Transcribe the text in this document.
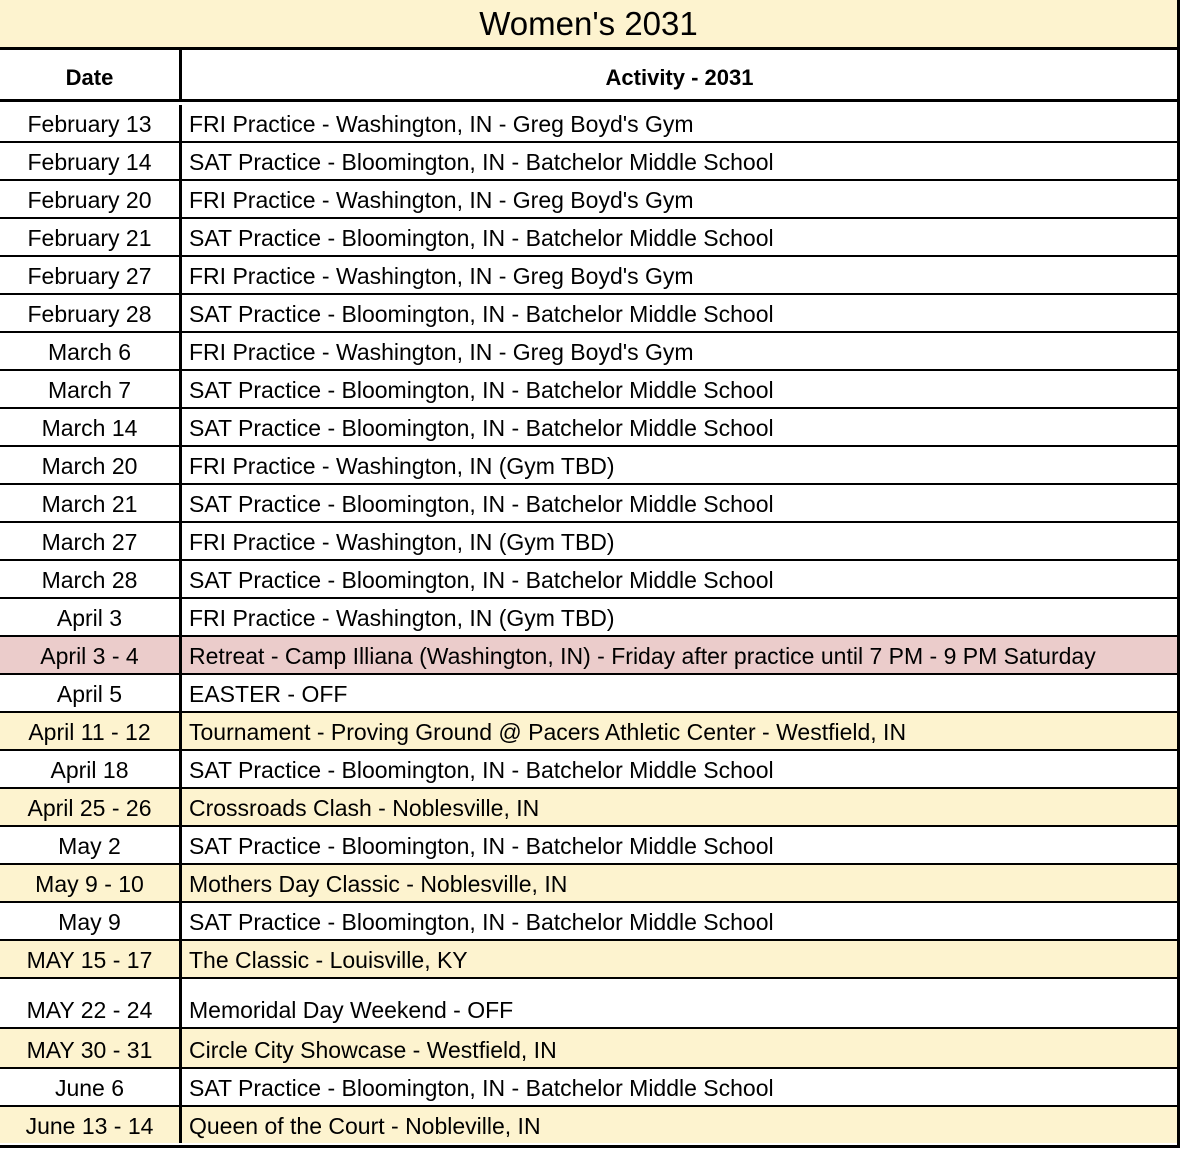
Women's 2031
Date	Activity - 2031
February 13	FRI Practice - Washington, IN - Greg Boyd's Gym
February 14	SAT Practice - Bloomington, IN - Batchelor Middle School
February 20	FRI Practice - Washington, IN - Greg Boyd's Gym
February 21	SAT Practice - Bloomington, IN - Batchelor Middle School
February 27	FRI Practice - Washington, IN - Greg Boyd's Gym
February 28	SAT Practice - Bloomington, IN - Batchelor Middle School
March 6	FRI Practice - Washington, IN - Greg Boyd's Gym
March 7	SAT Practice - Bloomington, IN - Batchelor Middle School
March 14	SAT Practice - Bloomington, IN - Batchelor Middle School
March 20	FRI Practice - Washington, IN (Gym TBD)
March 21	SAT Practice - Bloomington, IN - Batchelor Middle School
March 27	FRI Practice - Washington, IN (Gym TBD)
March 28	SAT Practice - Bloomington, IN - Batchelor Middle School
April 3	FRI Practice - Washington, IN (Gym TBD)
April 3 - 4	Retreat - Camp Illiana (Washington, IN) - Friday after practice until 7 PM - 9 PM Saturday
April 5	EASTER - OFF
April 11 - 12	Tournament - Proving Ground @ Pacers Athletic Center - Westfield, IN
April 18	SAT Practice - Bloomington, IN - Batchelor Middle School
April 25 - 26	Crossroads Clash - Noblesville, IN
May 2	SAT Practice - Bloomington, IN - Batchelor Middle School
May 9 - 10	Mothers Day Classic - Noblesville, IN
May 9	SAT Practice - Bloomington, IN - Batchelor Middle School
MAY 15 - 17	The Classic - Louisville, KY
MAY 22 - 24	Memoridal Day Weekend - OFF
MAY 30 - 31	Circle City Showcase - Westfield, IN
June 6	SAT Practice - Bloomington, IN - Batchelor Middle School
June 13 - 14	Queen of the Court - Nobleville, IN
